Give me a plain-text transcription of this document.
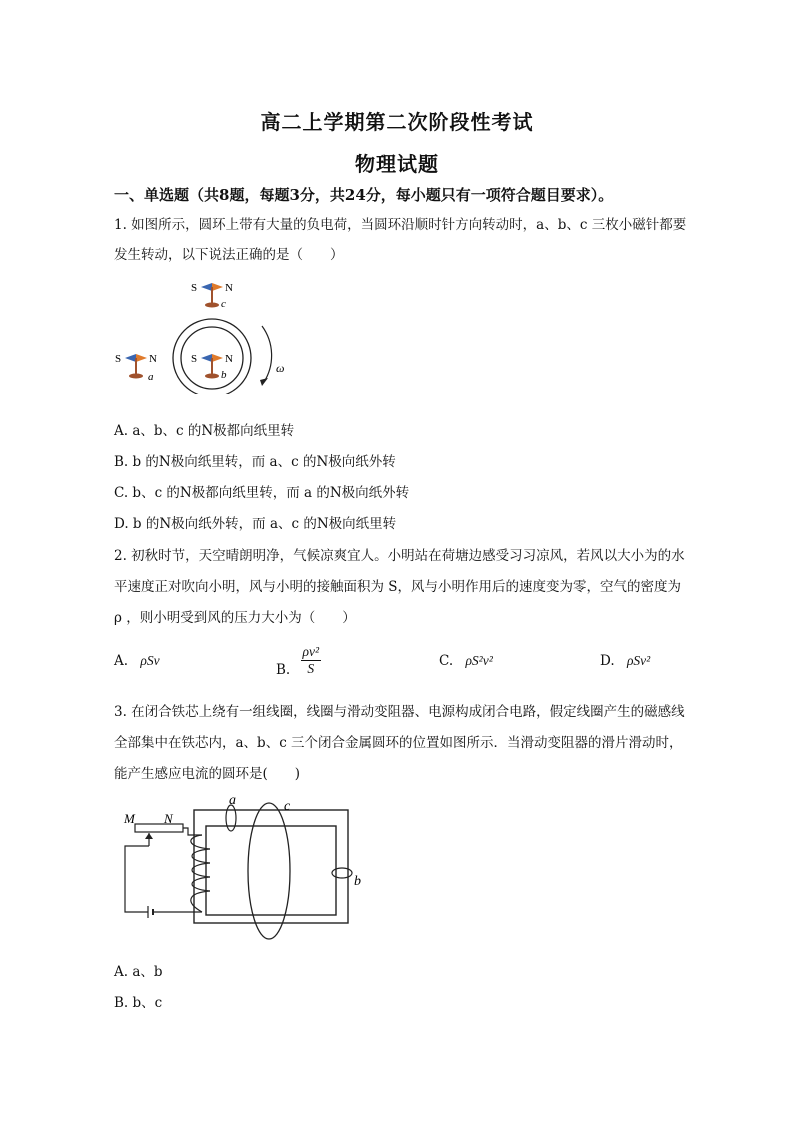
高二上学期第二次阶段性考试
物理试题
一、单选题（共8题，每题3分，共24分，每小题只有一项符合题目要求）。
1. 如图所示，圆环上带有大量的负电荷，当圆环沿顺时针方向转动时，a、b、c 三枚小磁针都要
发生转动，以下说法正确的是（　　）
ω
S	N
c
S	N
a
S	N
b
A. a、b、c 的N极都向纸里转
B. b 的N极向纸里转，而 a、c 的N极向纸外转
C. b、c 的N极都向纸里转，而 a 的N极向纸外转
D. b 的N极向纸外转，而 a、c 的N极向纸里转
2. 初秋时节，天空晴朗明净，气候凉爽宜人。小明站在荷塘边感受习习凉风，若风以大小为的水
平速度正对吹向小明，风与小明的接触面积为 S，风与小明作用后的速度变为零，空气的密度为
ρ ，则小明受到风的压力大小为（　　）
A. ρSv
B. $\frac{\text{ρv²}}{S}$	C. ρS²v²	D. ρSv²
3. 在闭合铁芯上绕有一组线圈，线圈与滑动变阻器、电源构成闭合电路，假定线圈产生的磁感线
全部集中在铁芯内，a、b、c 三个闭合金属圆环的位置如图所示．当滑动变阻器的滑片滑动时，
能产生感应电流的圆环是(　　)
M N
a	c
b
A. a、b
B. b、c
